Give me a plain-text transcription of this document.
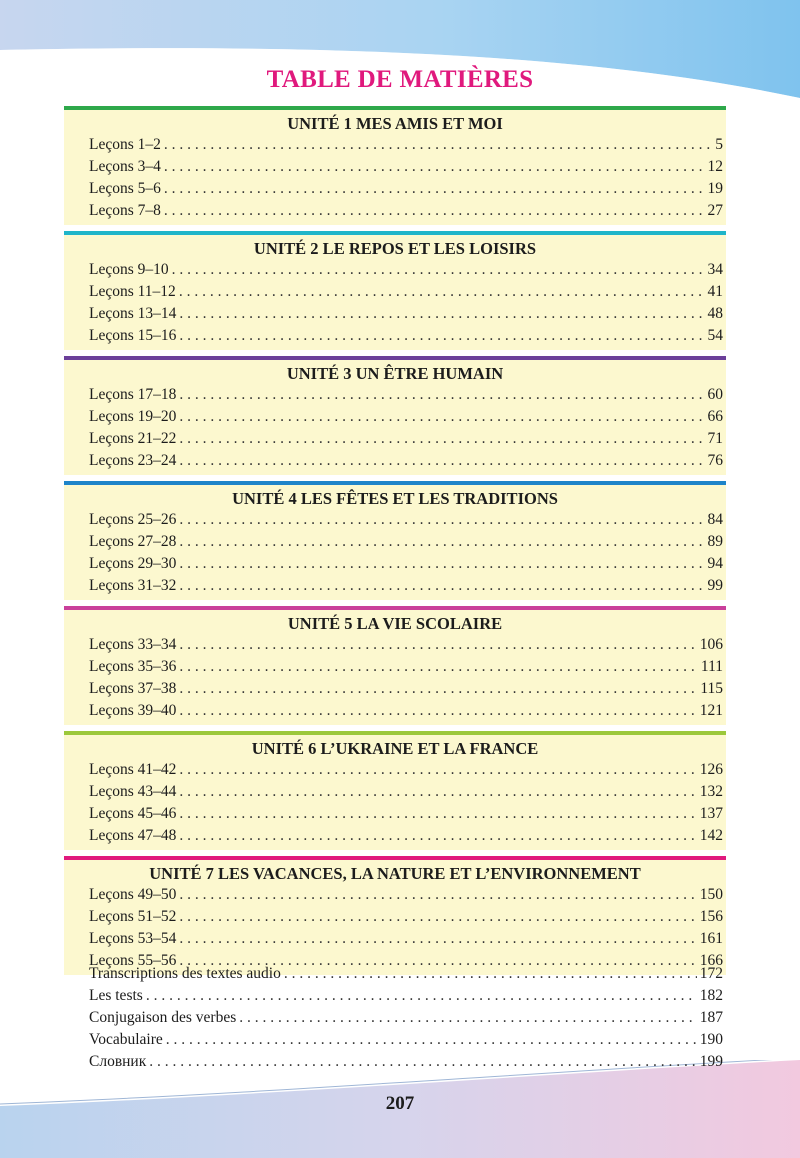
TABLE DE MATIÈRES
UNITÉ 1 MES AMIS ET MOI
Leçons 1–2 . . .	5
Leçons 3–4 . . .	12
Leçons 5–6 . . .	19
Leçons 7–8 . . .	27
UNITÉ 2 LE REPOS ET LES LOISIRS
Leçons 9–10 . . .	34
Leçons 11–12 . . .	41
Leçons 13–14 . . .	48
Leçons 15–16 . . .	54
UNITÉ 3 UN ÊTRE HUMAIN
Leçons 17–18 . . .	60
Leçons 19–20 . . .	66
Leçons 21–22 . . .	71
Leçons 23–24 . . .	76
UNITÉ 4 LES FÊTES ET LES TRADITIONS
Leçons 25–26 . . .	84
Leçons 27–28 . . .	89
Leçons 29–30 . . .	94
Leçons 31–32 . . .	99
UNITÉ 5 LA VIE SCOLAIRE
Leçons 33–34 . . .	106
Leçons 35–36 . . .	111
Leçons 37–38 . . .	115
Leçons 39–40 . . .	121
UNITÉ 6 L’UKRAINE ET LA FRANCE
Leçons 41–42 . . .	126
Leçons 43–44 . . .	132
Leçons 45–46 . . .	137
Leçons 47–48 . . .	142
UNITÉ 7 LES VACANCES, LA NATURE ET L’ENVIRONNEMENT
Leçons 49–50 . . .	150
Leçons 51–52 . . .	156
Leçons 53–54 . . .	161
Leçons 55–56 . . .	166
Transcriptions des textes audio . . .	172
Les tests . . .	182
Conjugaison des verbes . . .	187
Vocabulaire . . .	190
Словник . . .	199
207
